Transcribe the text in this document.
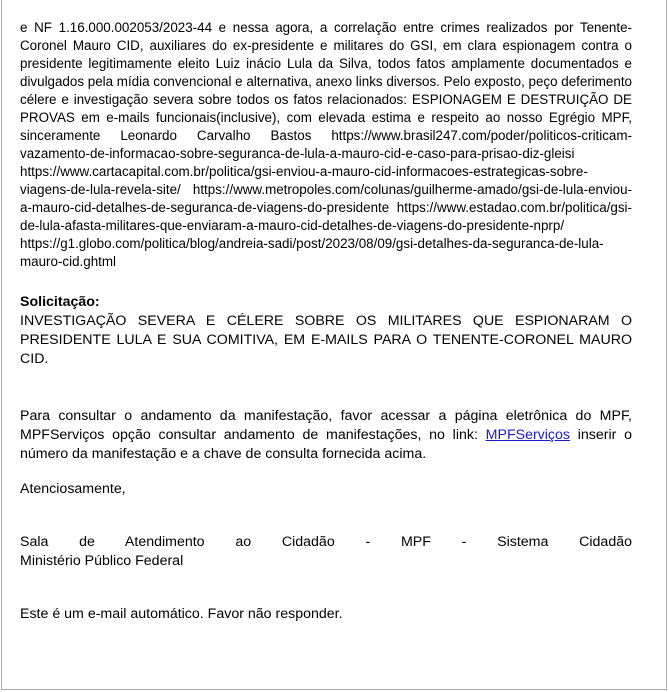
e NF 1.16.000.002053/2023-44 e nessa agora, a correlação entre crimes realizados por Tenente-Coronel Mauro CID, auxiliares do ex-presidente e militares do GSI, em clara espionagem contra o presidente legitimamente eleito Luiz inácio Lula da Silva, todos fatos amplamente documentados e divulgados pela mídia convencional e alternativa, anexo links diversos. Pelo exposto, peço deferimento célere e investigação severa sobre todos os fatos relacionados: ESPIONAGEM E DESTRUIÇÃO DE PROVAS em e-mails funcionais(inclusive), com elevada estima e respeito ao nosso Egrégio MPF, sinceramente Leonardo Carvalho Bastos https://www.brasil247.com/poder/politicos-criticam-vazamento-de-informacao-sobre-seguranca-de-lula-a-mauro-cid-e-caso-para-prisao-diz-gleisi https://www.cartacapital.com.br/politica/gsi-enviou-a-mauro-cid-informacoes-estrategicas-sobre-viagens-de-lula-revela-site/ https://www.metropoles.com/colunas/guilherme-amado/gsi-de-lula-enviou-a-mauro-cid-detalhes-de-seguranca-de-viagens-do-presidente https://www.estadao.com.br/politica/gsi-de-lula-afasta-militares-que-enviaram-a-mauro-cid-detalhes-de-viagens-do-presidente-nprp/ https://g1.globo.com/politica/blog/andreia-sadi/post/2023/08/09/gsi-detalhes-da-seguranca-de-lula-mauro-cid.ghtml

Solicitação:

INVESTIGAÇÃO SEVERA E CÉLERE SOBRE OS MILITARES QUE ESPIONARAM O PRESIDENTE LULA E SUA COMITIVA, EM E-MAILS PARA O TENENTE-CORONEL MAURO CID.

Para consultar o andamento da manifestação, favor acessar a página eletrônica do MPF, MPFServiços opção consultar andamento de manifestações, no link: MPFServiços inserir o número da manifestação e a chave de consulta fornecida acima.

Atenciosamente,

Sala de Atendimento ao Cidadão - MPF - Sistema Cidadão

Ministério Público Federal

Este é um e-mail automático. Favor não responder.
